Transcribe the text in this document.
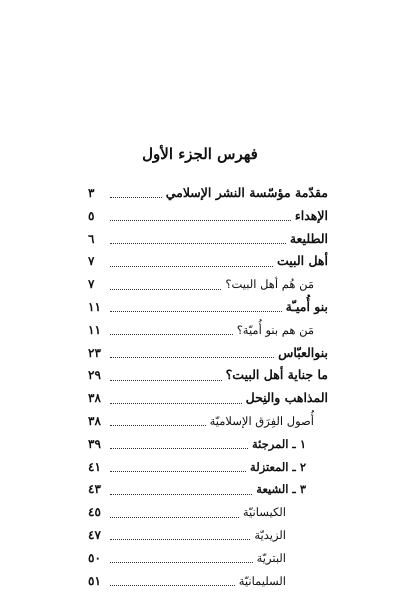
فهرس الجزء الأول
مقدّمة مؤسّسة النشر الإسلامي
٣
الإهداء
٥
الطليعة
٦
أهل البيت
٧
مَن هُم أهل البيت؟
٧
بنو أُميـّة
١١
مَن هم بنو أُميّة؟
١١
بنوالعبّاس
٢٣
ما جناية أهل البيت؟
٢٩
المذاهب والنِحل
٣٨
أُصول الفِرَق الإسلاميّة
٣٨
١ ـ المرجئة
٣٩
٢ ـ المعتزلة
٤١
٣ ـ الشيعة
٤٣
الكيسانيّة
٤٥
الزيديّة
٤٧
البتريّة
٥٠
السليمانيّة
٥١
